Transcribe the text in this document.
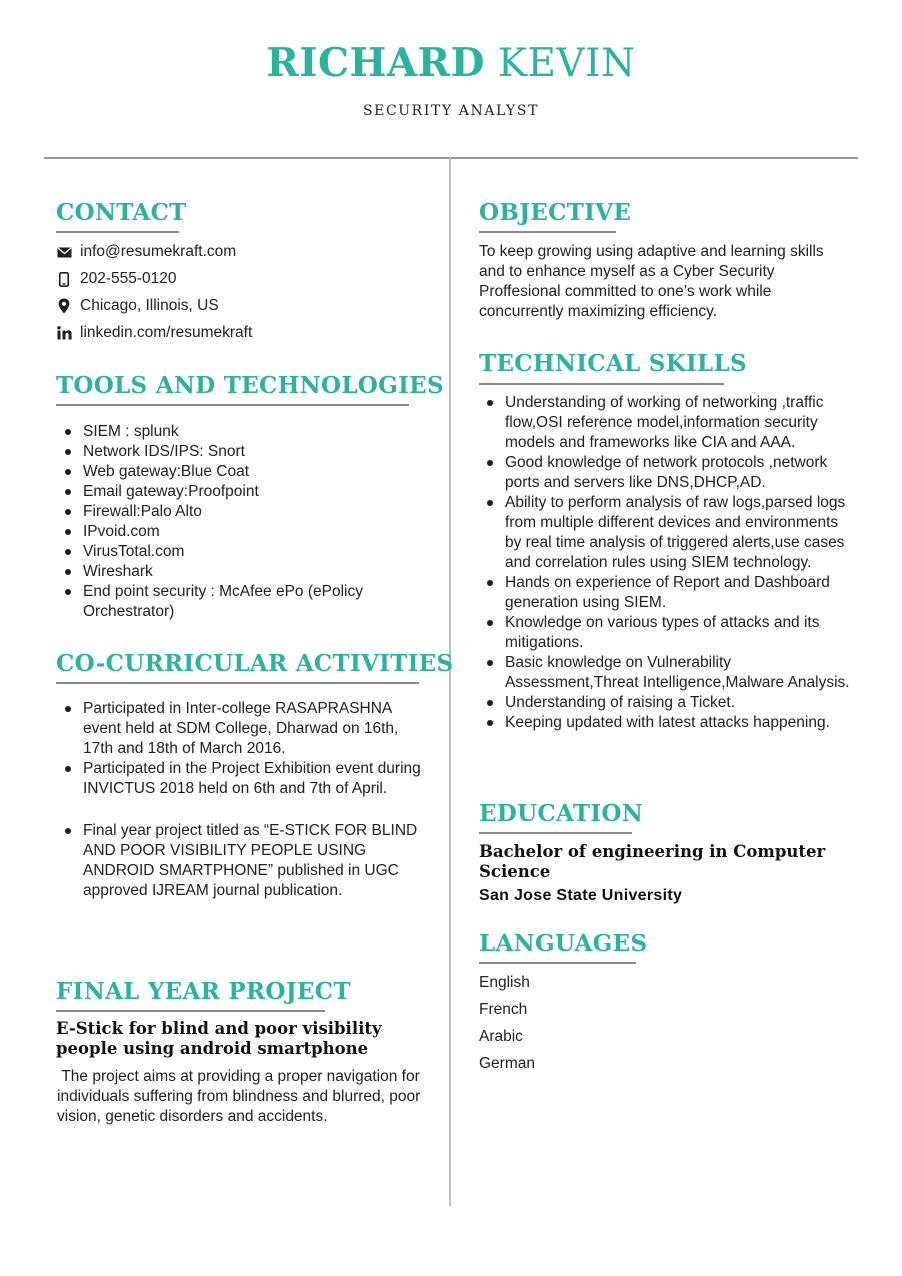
RICHARD KEVIN
SECURITY ANALYST
CONTACT
info@resumekraft.com
202-555-0120
Chicago, Illinois, US
linkedin.com/resumekraft
TOOLS AND TECHNOLOGIES
SIEM : splunk
Network IDS/IPS: Snort
Web gateway:Blue Coat
Email gateway:Proofpoint
Firewall:Palo Alto
IPvoid.com
VirusTotal.com
Wireshark
End point security : McAfee ePo (ePolicy Orchestrator)
CO-CURRICULAR ACTIVITIES
Participated in Inter-college RASAPRASHNA event held at SDM College, Dharwad on 16th, 17th and 18th of March 2016.
Participated in the Project Exhibition event during INVICTUS 2018 held on 6th and 7th of April.
Final year project titled as “E-STICK FOR BLIND AND POOR VISIBILITY PEOPLE USING ANDROID SMARTPHONE” published in UGC approved IJREAM journal publication.
FINAL YEAR PROJECT
E-Stick for blind and poor visibility people using android smartphone
The project aims at providing a proper navigation for individuals suffering from blindness and blurred, poor vision, genetic disorders and accidents.
OBJECTIVE
To keep growing using adaptive and learning skills and to enhance myself as a Cyber Security Proffesional committed to one’s work while concurrently maximizing efficiency.
TECHNICAL SKILLS
Understanding of working of networking ,traffic flow,OSI reference model,information security models and frameworks like CIA and AAA.
Good knowledge of network protocols ,network ports and servers like DNS,DHCP,AD.
Ability to perform analysis of raw logs,parsed logs from multiple different devices and environments by real time analysis of triggered alerts,use cases and correlation rules using SIEM technology.
Hands on experience of Report and Dashboard generation using SIEM.
Knowledge on various types of attacks and its mitigations.
Basic knowledge on Vulnerability Assessment,Threat Intelligence,Malware Analysis.
Understanding of raising a Ticket.
Keeping updated with latest attacks happening.
EDUCATION
Bachelor of engineering in Computer Science
San Jose State University
LANGUAGES
English
French
Arabic
German
